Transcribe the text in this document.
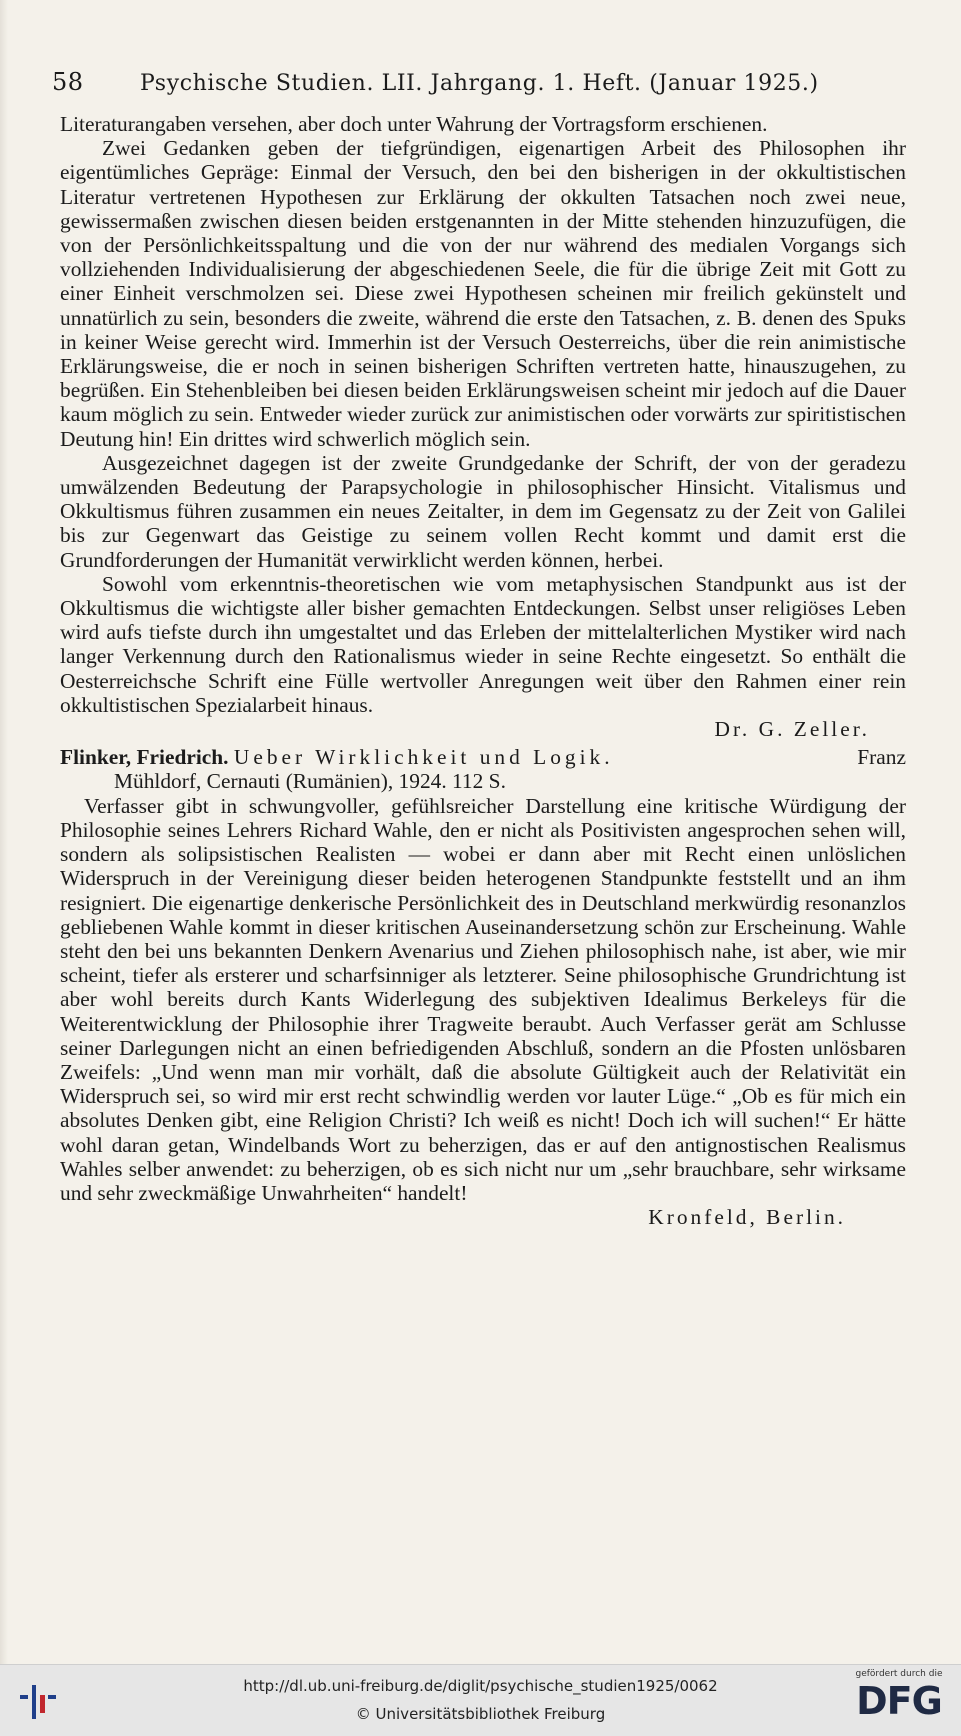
58	Psychische Studien. LII. Jahrgang. 1. Heft. (Januar 1925.)

Literaturangaben versehen, aber doch unter Wahrung der Vortragsform erschienen.

Zwei Gedanken geben der tiefgründigen, eigenartigen Arbeit des Philosophen ihr eigentümliches Gepräge: Einmal der Versuch, den bei den bisherigen in der okkultistischen Literatur vertretenen Hypothesen zur Erklärung der okkulten Tatsachen noch zwei neue, gewissermaßen zwischen diesen beiden erstgenannten in der Mitte stehenden hinzuzufügen, die von der Persönlichkeitsspaltung und die von der nur während des medialen Vorgangs sich vollziehenden Individualisierung der abgeschiedenen Seele, die für die übrige Zeit mit Gott zu einer Einheit verschmolzen sei. Diese zwei Hypothesen scheinen mir freilich gekünstelt und unnatürlich zu sein, besonders die zweite, während die erste den Tatsachen, z. B. denen des Spuks in keiner Weise gerecht wird. Immerhin ist der Versuch Oesterreichs, über die rein animistische Erklärungsweise, die er noch in seinen bisherigen Schriften vertreten hatte, hinauszugehen, zu begrüßen. Ein Stehenbleiben bei diesen beiden Erklärungsweisen scheint mir jedoch auf die Dauer kaum möglich zu sein. Entweder wieder zurück zur animistischen oder vorwärts zur spiritistischen Deutung hin! Ein drittes wird schwerlich möglich sein.

Ausgezeichnet dagegen ist der zweite Grundgedanke der Schrift, der von der geradezu umwälzenden Bedeutung der Parapsychologie in philosophischer Hinsicht. Vitalismus und Okkultismus führen zusammen ein neues Zeitalter, in dem im Gegensatz zu der Zeit von Galilei bis zur Gegenwart das Geistige zu seinem vollen Recht kommt und damit erst die Grundforderungen der Humanität verwirklicht werden können, herbei.

Sowohl vom erkenntnis-theoretischen wie vom metaphysischen Standpunkt aus ist der Okkultismus die wichtigste aller bisher gemachten Entdeckungen. Selbst unser religiöses Leben wird aufs tiefste durch ihn umgestaltet und das Erleben der mittelalterlichen Mystiker wird nach langer Verkennung durch den Rationalismus wieder in seine Rechte eingesetzt. So enthält die Oesterreichsche Schrift eine Fülle wertvoller Anregungen weit über den Rahmen einer rein okkultistischen Spezialarbeit hinaus.

Dr. G. Zeller.

Flinker, Friedrich. Ueber Wirklichkeit und Logik.	Franz

Mühldorf, Cernauti (Rumänien), 1924. 112 S.

Verfasser gibt in schwungvoller, gefühlsreicher Darstellung eine kritische Würdigung der Philosophie seines Lehrers Richard Wahle, den er nicht als Positivisten angesprochen sehen will, sondern als solipsistischen Realisten — wobei er dann aber mit Recht einen unlöslichen Widerspruch in der Vereinigung dieser beiden heterogenen Standpunkte feststellt und an ihm resigniert. Die eigenartige denkerische Persönlichkeit des in Deutschland merkwürdig resonanzlos gebliebenen Wahle kommt in dieser kritischen Auseinandersetzung schön zur Erscheinung. Wahle steht den bei uns bekannten Denkern Avenarius und Ziehen philosophisch nahe, ist aber, wie mir scheint, tiefer als ersterer und scharfsinniger als letzterer. Seine philosophische Grundrichtung ist aber wohl bereits durch Kants Widerlegung des subjektiven Idealimus Berkeleys für die Weiterentwicklung der Philosophie ihrer Tragweite beraubt. Auch Verfasser gerät am Schlusse seiner Darlegungen nicht an einen befriedigenden Abschluß, sondern an die Pfosten unlösbaren Zweifels: „Und wenn man mir vorhält, daß die absolute Gültigkeit auch der Relativität ein Widerspruch sei, so wird mir erst recht schwindlig werden vor lauter Lüge.“ „Ob es für mich ein absolutes Denken gibt, eine Religion Christi? Ich weiß es nicht! Doch ich will suchen!“ Er hätte wohl daran getan, Windelbands Wort zu beherzigen, das er auf den antignostischen Realismus Wahles selber anwendet: zu beherzigen, ob es sich nicht nur um „sehr brauchbare, sehr wirksame und sehr zweckmäßige Unwahrheiten“ handelt!

Kronfeld, Berlin.

http://dl.ub.uni-freiburg.de/diglit/psychische_studien1925/0062
© Universitätsbibliothek Freiburg
gefördert durch die
DFG
